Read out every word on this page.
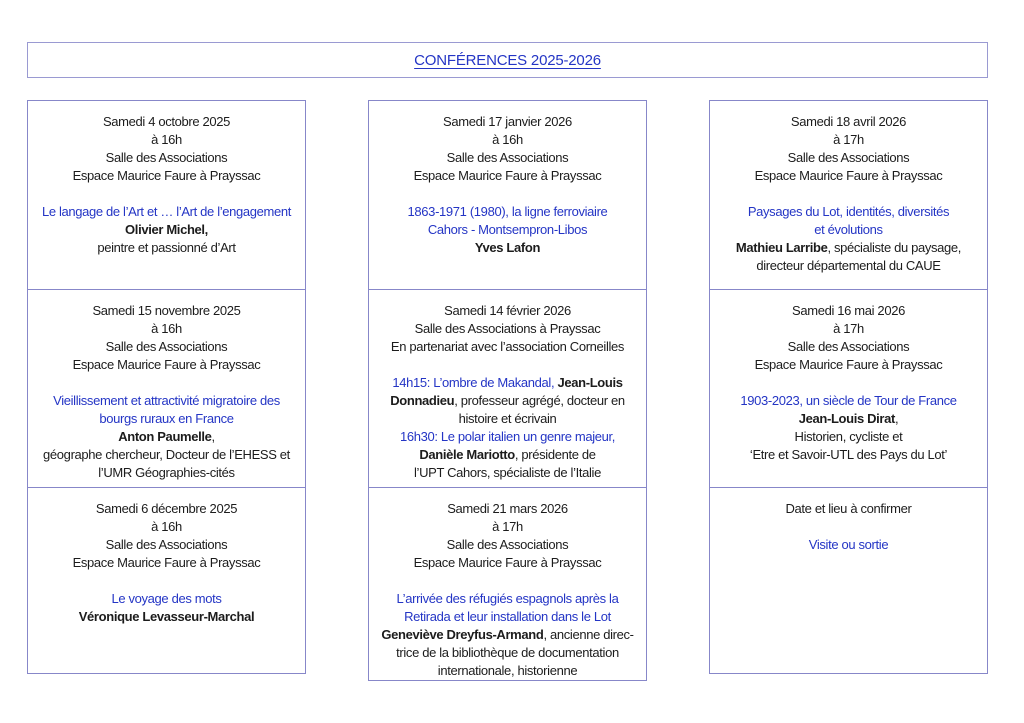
CONFÉRENCES 2025-2026
Samedi 4 octobre 2025
à 16h
Salle des Associations
Espace Maurice Faure à Prayssac
Le langage de l’Art et … l’Art de l’engagement
Olivier Michel,
peintre et passionné d’Art
Samedi 15 novembre 2025
à 16h
Salle des Associations
Espace Maurice Faure à Prayssac
Vieillissement et attractivité migratoire des
bourgs ruraux en France
Anton Paumelle,
géographe chercheur, Docteur de l’EHESS et
l’UMR Géographies-cités
Samedi 6 décembre 2025
à 16h
Salle des Associations
Espace Maurice Faure à Prayssac
Le voyage des mots
Véronique Levasseur-Marchal
Samedi 17 janvier 2026
à 16h
Salle des Associations
Espace Maurice Faure à Prayssac
1863-1971 (1980), la ligne ferroviaire
Cahors - Montsempron-Libos
Yves Lafon
Samedi 14 février 2026
Salle des Associations à Prayssac
En partenariat avec l’association Corneilles
14h15: L’ombre de Makandal, Jean-Louis
Donnadieu, professeur agrégé, docteur en
histoire et écrivain
16h30: Le polar italien un genre majeur,
Danièle Mariotto, présidente de
l’UPT Cahors, spécialiste de l’Italie
Samedi 21 mars 2026
à 17h
Salle des Associations
Espace Maurice Faure à Prayssac
L’arrivée des réfugiés espagnols après la
Retirada et leur installation dans le Lot
Geneviève Dreyfus-Armand, ancienne direc-
trice de la bibliothèque de documentation
internationale, historienne
Samedi 18 avril 2026
à 17h
Salle des Associations
Espace Maurice Faure à Prayssac
Paysages du Lot, identités, diversités
et évolutions
Mathieu Larribe, spécialiste du paysage,
directeur départemental du CAUE
Samedi 16 mai 2026
à 17h
Salle des Associations
Espace Maurice Faure à Prayssac
1903-2023, un siècle de Tour de France
Jean-Louis Dirat,
Historien, cycliste et
‘Etre et Savoir-UTL des Pays du Lot’
Date et lieu à confirmer
Visite ou sortie
